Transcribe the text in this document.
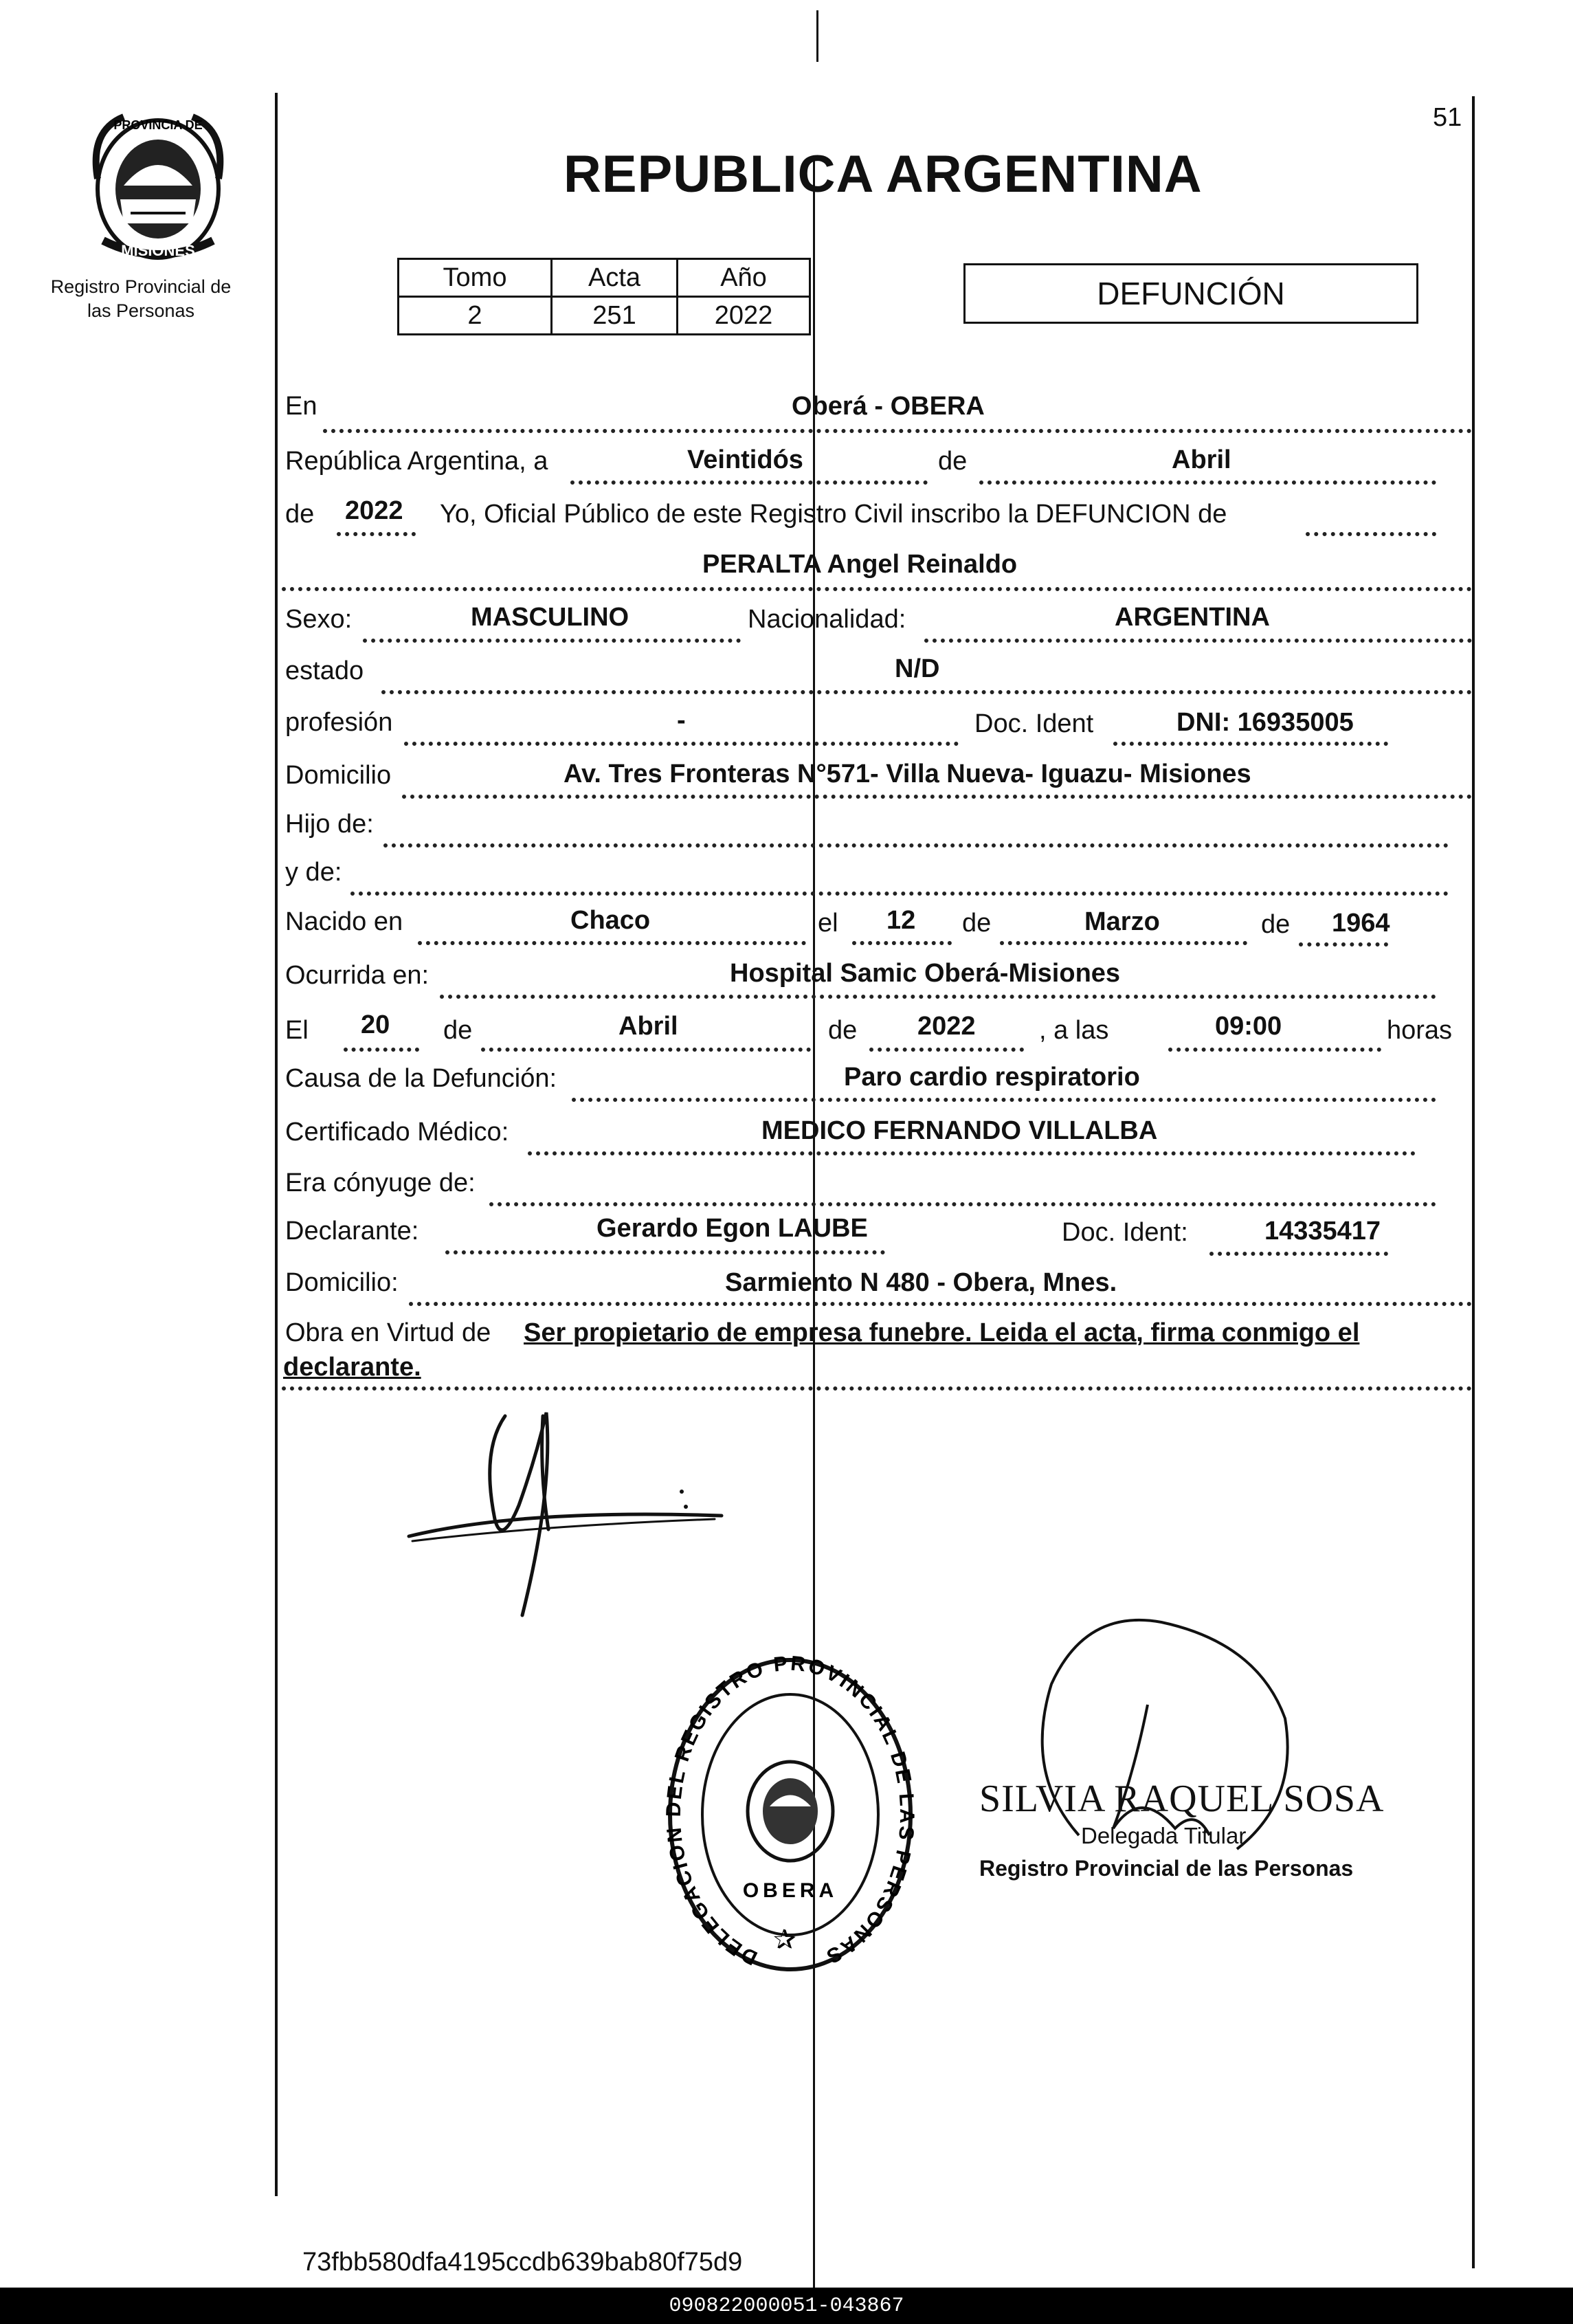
51
PROVINCIA DE
MISIONES
Registro Provincial de
las Personas
REPUBLICA ARGENTINA
Tomo	Acta	Año
2	251	2022
DEFUNCIÓN
En	Oberá - OBERA
República Argentina, a	Veintidós	de	Abril
de 2022 Yo, Oficial Público de este Registro Civil inscribo la DEFUNCION de
PERALTA Angel Reinaldo
Sexo:	MASCULINO	Nacionalidad:	ARGENTINA
estado	N/D
profesión	-	Doc. Ident	DNI: 16935005
Domicilio	Av. Tres Fronteras N°571- Villa Nueva- Iguazu- Misiones
Hijo de:
y de:
Nacido en	Chaco	el 12 de	Marzo	de 1964
Ocurrida en:	Hospital Samic Oberá-Misiones
El 20 de	Abril	de 2022 , a las	09:00	horas
Causa de la Defunción:	Paro cardio respiratorio
Certificado Médico:	MEDICO FERNANDO VILLALBA
Era cónyuge de:
Declarante:	Gerardo Egon LAUBE	Doc. Ident:	14335417
Domicilio:	Sarmiento N 480 - Obera, Mnes.
Obra en Virtud de Ser propietario de empresa funebre. Leida el acta, firma conmigo el
declarante.
DELEGACION DEL REGISTRO PROVINCIAL DE LAS PERSONAS
OBERA
✰
SILVIA RAQUEL SOSA
Delegada Titular
Registro Provincial de las Personas
73fbb580dfa4195ccdb639bab80f75d9
090822000051-043867
